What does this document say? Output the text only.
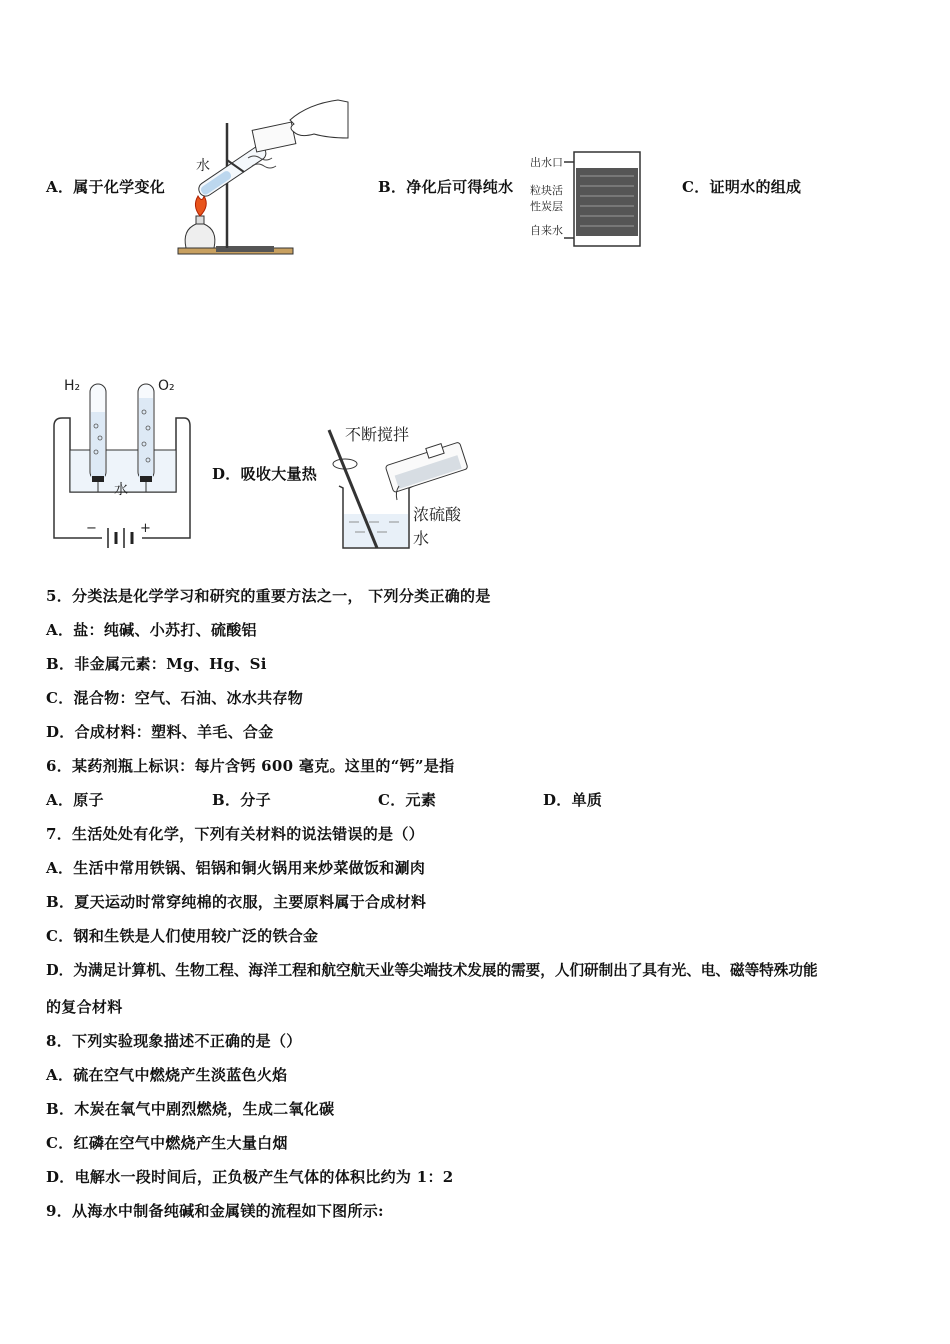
A．属于化学变化
水
B．净化后可得纯水
出水口
粒块活
性炭层
自来水
C．证明水的组成
H₂	O₂
水
−	+
D．吸收大量热
不断搅拌
浓硫酸
水
5．分类法是化学学习和研究的重要方法之一， 下列分类正确的是
A．盐：纯碱、小苏打、硫酸铝
B．非金属元素：Mg、Hg、Si
C．混合物：空气、石油、冰水共存物
D．合成材料：塑料、羊毛、合金
6．某药剂瓶上标识：每片含钙 600 毫克。这里的“钙”是指
A．原子	B．分子	C．元素	D．单质
7．生活处处有化学，下列有关材料的说法错误的是（）
A．生活中常用铁锅、铝锅和铜火锅用来炒菜做饭和涮肉
B．夏天运动时常穿纯棉的衣服，主要原料属于合成材料
C．钢和生铁是人们使用较广泛的铁合金
D．为满足计算机、生物工程、海洋工程和航空航天业等尖端技术发展的需要，人们研制出了具有光、电、磁等特殊功能
的复合材料
8．下列实验现象描述不正确的是（）
A．硫在空气中燃烧产生淡蓝色火焰
B．木炭在氧气中剧烈燃烧，生成二氧化碳
C．红磷在空气中燃烧产生大量白烟
D．电解水一段时间后，正负极产生气体的体积比约为 1：2
9．从海水中制备纯碱和金属镁的流程如下图所示:
